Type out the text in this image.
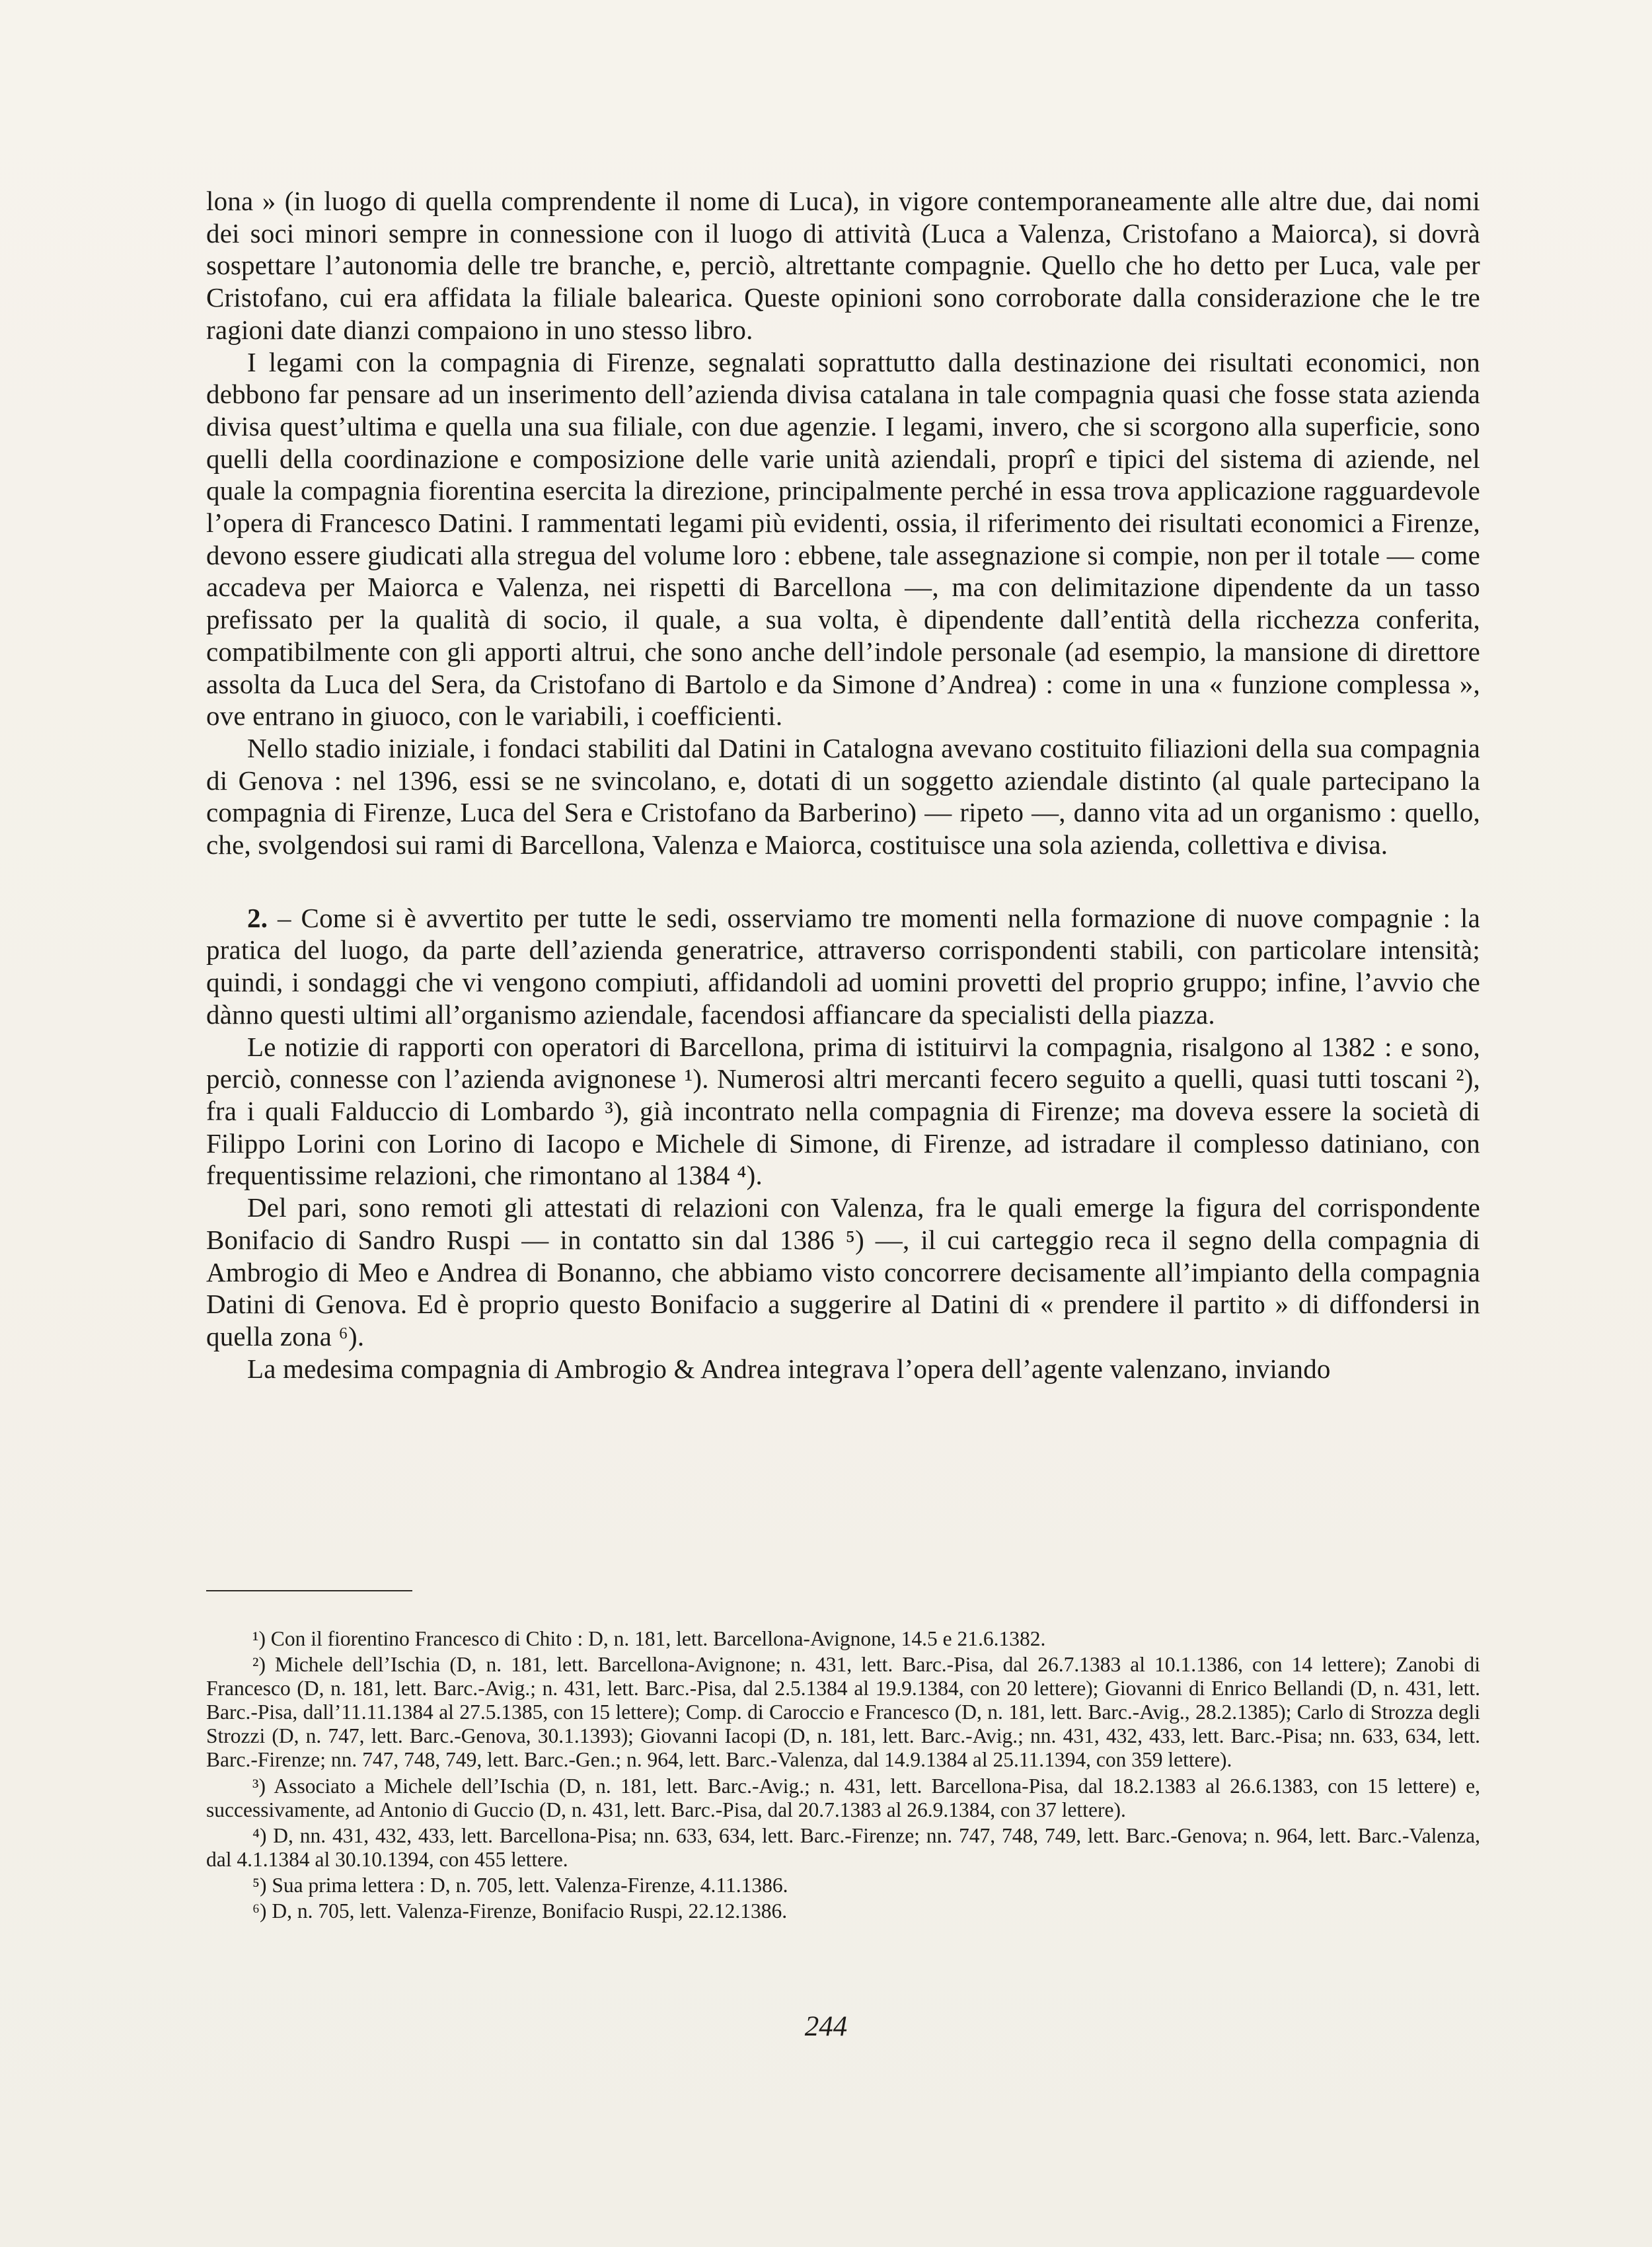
lona » (in luogo di quella comprendente il nome di Luca), in vigore contemporaneamente alle altre due, dai nomi dei soci minori sempre in connessione con il luogo di attività (Luca a Valenza, Cristofano a Maiorca), si dovrà sospettare l’autonomia delle tre branche, e, perciò, altrettante compagnie. Quello che ho detto per Luca, vale per Cristofano, cui era affidata la filiale balearica. Queste opinioni sono corroborate dalla considerazione che le tre ragioni date dianzi compaiono in uno stesso libro.

I legami con la compagnia di Firenze, segnalati soprattutto dalla destinazione dei risultati economici, non debbono far pensare ad un inserimento dell’azienda divisa catalana in tale compagnia quasi che fosse stata azienda divisa quest’ultima e quella una sua filiale, con due agenzie. I legami, invero, che si scorgono alla superficie, sono quelli della coordinazione e composizione delle varie unità aziendali, proprî e tipici del sistema di aziende, nel quale la compagnia fiorentina esercita la direzione, principalmente perché in essa trova applicazione ragguardevole l’opera di Francesco Datini. I rammentati legami più evidenti, ossia, il riferimento dei risultati economici a Firenze, devono essere giudicati alla stregua del volume loro : ebbene, tale assegnazione si compie, non per il totale — come accadeva per Maiorca e Valenza, nei rispetti di Barcellona —, ma con delimitazione dipendente da un tasso prefissato per la qualità di socio, il quale, a sua volta, è dipendente dall’entità della ricchezza conferita, compatibilmente con gli apporti altrui, che sono anche dell’indole personale (ad esempio, la mansione di direttore assolta da Luca del Sera, da Cristofano di Bartolo e da Simone d’Andrea) : come in una « funzione complessa », ove entrano in giuoco, con le variabili, i coefficienti.

Nello stadio iniziale, i fondaci stabiliti dal Datini in Catalogna avevano costituito filiazioni della sua compagnia di Genova : nel 1396, essi se ne svincolano, e, dotati di un soggetto aziendale distinto (al quale partecipano la compagnia di Firenze, Luca del Sera e Cristofano da Barberino) — ripeto —, danno vita ad un organismo : quello, che, svolgendosi sui rami di Barcellona, Valenza e Maiorca, costituisce una sola azienda, collettiva e divisa.

2. – Come si è avvertito per tutte le sedi, osserviamo tre momenti nella formazione di nuove compagnie : la pratica del luogo, da parte dell’azienda generatrice, attraverso corrispondenti stabili, con particolare intensità; quindi, i sondaggi che vi vengono compiuti, affidandoli ad uomini provetti del proprio gruppo; infine, l’avvio che dànno questi ultimi all’organismo aziendale, facendosi affiancare da specialisti della piazza.

Le notizie di rapporti con operatori di Barcellona, prima di istituirvi la compagnia, risalgono al 1382 : e sono, perciò, connesse con l’azienda avignonese ¹). Numerosi altri mercanti fecero seguito a quelli, quasi tutti toscani ²), fra i quali Falduccio di Lombardo ³), già incontrato nella compagnia di Firenze; ma doveva essere la società di Filippo Lorini con Lorino di Iacopo e Michele di Simone, di Firenze, ad istradare il complesso datiniano, con frequentissime relazioni, che rimontano al 1384 ⁴).

Del pari, sono remoti gli attestati di relazioni con Valenza, fra le quali emerge la figura del corrispondente Bonifacio di Sandro Ruspi — in contatto sin dal 1386 ⁵) —, il cui carteggio reca il segno della compagnia di Ambrogio di Meo e Andrea di Bonanno, che abbiamo visto concorrere decisamente all’impianto della compagnia Datini di Genova. Ed è proprio questo Bonifacio a suggerire al Datini di « prendere il partito » di diffondersi in quella zona ⁶).

La medesima compagnia di Ambrogio & Andrea integrava l’opera dell’agente valenzano, inviando

¹) Con il fiorentino Francesco di Chito : D, n. 181, lett. Barcellona-Avignone, 14.5 e 21.6.1382.

²) Michele dell’Ischia (D, n. 181, lett. Barcellona-Avignone; n. 431, lett. Barc.-Pisa, dal 26.7.1383 al 10.1.1386, con 14 lettere); Zanobi di Francesco (D, n. 181, lett. Barc.-Avig.; n. 431, lett. Barc.-Pisa, dal 2.5.1384 al 19.9.1384, con 20 lettere); Giovanni di Enrico Bellandi (D, n. 431, lett. Barc.-Pisa, dall’11.11.1384 al 27.5.1385, con 15 lettere); Comp. di Caroccio e Francesco (D, n. 181, lett. Barc.-Avig., 28.2.1385); Carlo di Strozza degli Strozzi (D, n. 747, lett. Barc.-Genova, 30.1.1393); Giovanni Iacopi (D, n. 181, lett. Barc.-Avig.; nn. 431, 432, 433, lett. Barc.-Pisa; nn. 633, 634, lett. Barc.-Firenze; nn. 747, 748, 749, lett. Barc.-Gen.; n. 964, lett. Barc.-Valenza, dal 14.9.1384 al 25.11.1394, con 359 lettere).

³) Associato a Michele dell’Ischia (D, n. 181, lett. Barc.-Avig.; n. 431, lett. Barcellona-Pisa, dal 18.2.1383 al 26.6.1383, con 15 lettere) e, successivamente, ad Antonio di Guccio (D, n. 431, lett. Barc.-Pisa, dal 20.7.1383 al 26.9.1384, con 37 lettere).

⁴) D, nn. 431, 432, 433, lett. Barcellona-Pisa; nn. 633, 634, lett. Barc.-Firenze; nn. 747, 748, 749, lett. Barc.-Genova; n. 964, lett. Barc.-Valenza, dal 4.1.1384 al 30.10.1394, con 455 lettere.

⁵) Sua prima lettera : D, n. 705, lett. Valenza-Firenze, 4.11.1386.

⁶) D, n. 705, lett. Valenza-Firenze, Bonifacio Ruspi, 22.12.1386.

244
